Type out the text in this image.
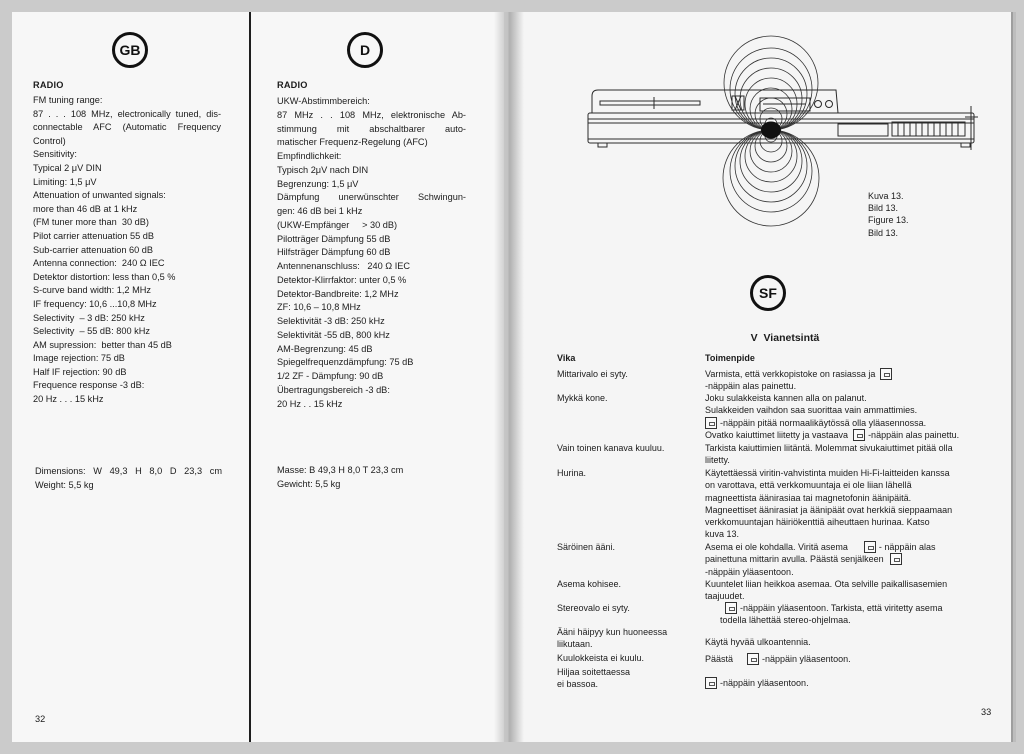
GB
RADIO
FM tuning range:
87 . . . 108 MHz, electronically tuned, dis-
connectable AFC (Automatic Frequency
Control)
Sensitivity:
Typical 2 μV DIN
Limiting: 1,5 μV
Attenuation of unwanted signals:
more than 46 dB at 1 kHz
(FM tuner more than  30 dB)
Pilot carrier attenuation 55 dB
Sub-carrier attenuation 60 dB
Antenna connection:  240 Ω IEC
Detektor distortion: less than 0,5 %
S-curve band width: 1,2 MHz
IF frequency: 10,6 ...10,8 MHz
Selectivity  – 3 dB: 250 kHz
Selectivity  – 55 dB: 800 kHz
AM supression:  better than 45 dB
Image rejection: 75 dB
Half IF rejection: 90 dB
Frequence response -3 dB:
20 Hz . . . 15 kHz
Dimensions: W 49,3 H 8,0 D 23,3 cm
Weight: 5,5 kg
32
D
RADIO
UKW-Abstimmbereich:
87 MHz . . 108 MHz, elektronische Ab-
stimmung mit abschaltbarer auto-
matischer Frequenz-Regelung (AFC)
Empfindlichkeit:
Typisch 2μV nach DIN
Begrenzung: 1,5 μV
Dämpfung unerwünschter Schwingun-
gen: 46 dB bei 1 kHz
(UKW-Empfänger     > 30 dB)
Pilotträger Dämpfung 55 dB
Hilfsträger Dämpfung 60 dB
Antennenanschluss:   240 Ω IEC
Detektor-Klirrfaktor: unter 0,5 %
Detektor-Bandbreite: 1,2 MHz
ZF: 10,6 – 10,8 MHz
Selektivität -3 dB: 250 kHz
Selektivität -55 dB, 800 kHz
AM-Begrenzung: 45 dB
Spiegelfrequenzdämpfung: 75 dB
1/2 ZF - Dämpfung: 90 dB
Übertragungsbereich -3 dB:
20 Hz . . 15 kHz
Masse: B 49,3 H 8,0 T 23,3 cm
Gewicht: 5,5 kg
Kuva 13.
Bild 13.
Figure 13.
Bild 13.
SF
V  Vianetsintä
Vika	Toimenpide
Mittarivalo ei syty.	Varmista, että verkkopistoke on rasiassa ja
-näppäin alas painettu.
Mykkä kone.	Joku sulakkeista kannen alla on palanut.
Sulakkeiden vaihdon saa suorittaa vain ammattimies.
-näppäin pitää normaalikäytössä olla yläasennossa.
Ovatko kaiuttimet liitetty ja vastaava -näppäin alas painettu.
Vain toinen kanava kuuluu.	Tarkista kaiuttimien liitäntä. Molemmat sivukaiuttimet pitää olla
liitetty.
Hurina.	Käytettäessä viritin-vahvistinta muiden Hi-Fi-laitteiden kanssa
on varottava, että verkkomuuntaja ei ole liian lähellä
magneettista äänirasiaa tai magnetofonin äänipäitä.
Magneettiset äänirasiat ja äänipäät ovat herkkiä sieppaamaan
verkkomuuntajan häiriökenttiä aiheuttaen hurinaa. Katso
kuva 13.
Säröinen ääni.	Asema ei ole kohdalla. Viritä asema	- näppäin alas
painettuna mittarin avulla. Päästä senjälkeen
-näppäin yläasentoon.
Asema kohisee.	Kuuntelet liian heikkoa asemaa. Ota selville paikallisasemien
taajuudet.
Stereovalo ei syty.	-näppäin yläasentoon. Tarkista, että viritetty asema
todella lähettää stereo-ohjelmaa.
Ääni häipyy kun huoneessa
liikutaan.	Käytä hyvää ulkoantennia.
Kuulokkeista ei kuulu.	Päästä	-näppäin yläasentoon.
Hiljaa soitettaessa
ei bassoa.	-näppäin yläasentoon.
33
